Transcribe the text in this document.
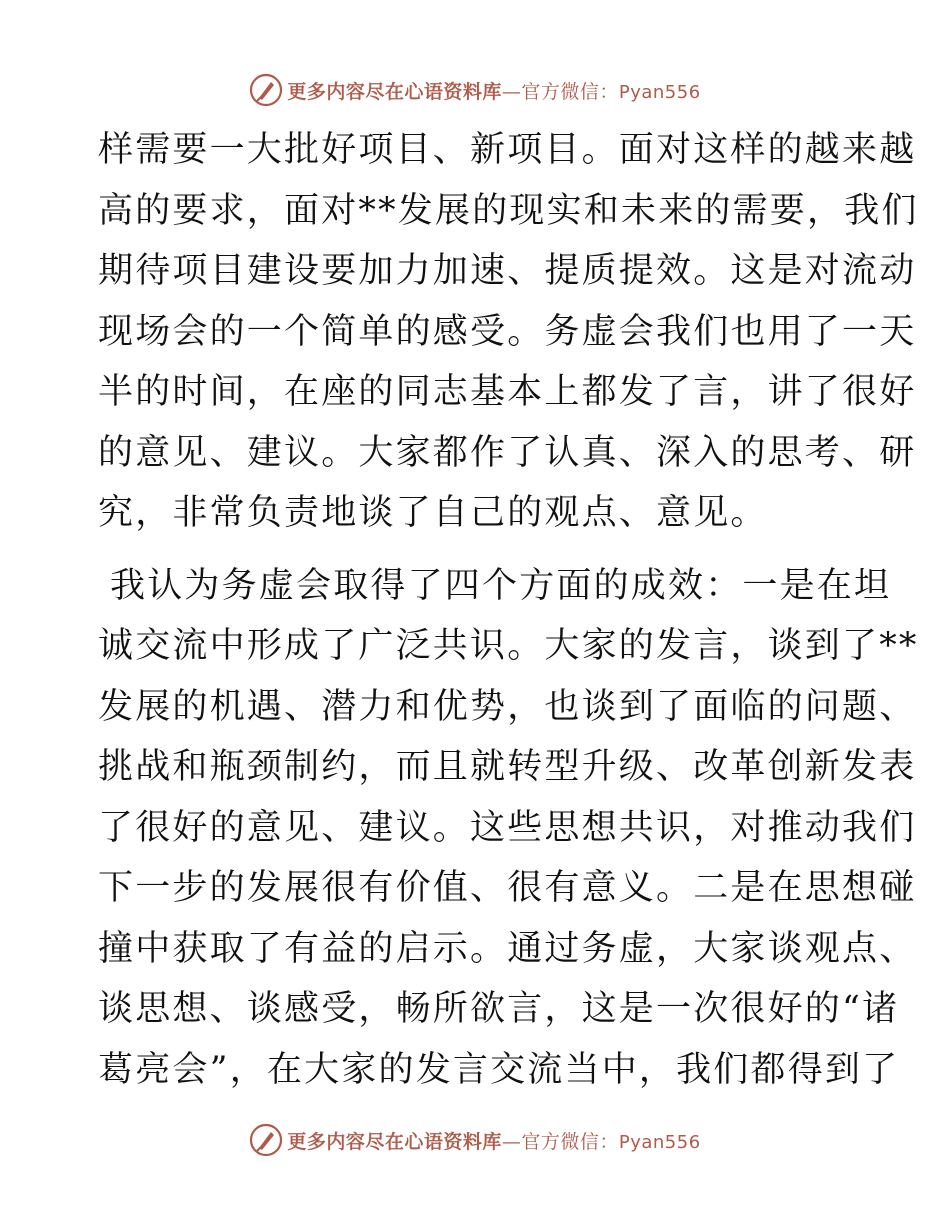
更多内容尽在心语资料库—官方微信：Pyan556
样需要一大批好项目、新项目。面对这样的越来越
高的要求，面对**发展的现实和未来的需要，我们
期待项目建设要加力加速、提质提效。这是对流动
现场会的一个简单的感受。务虚会我们也用了一天
半的时间，在座的同志基本上都发了言，讲了很好
的意见、建议。大家都作了认真、深入的思考、研
究，非常负责地谈了自己的观点、意见。
我认为务虚会取得了四个方面的成效：一是在坦
诚交流中形成了广泛共识。大家的发言，谈到了**
发展的机遇、潜力和优势，也谈到了面临的问题、
挑战和瓶颈制约，而且就转型升级、改革创新发表
了很好的意见、建议。这些思想共识，对推动我们
下一步的发展很有价值、很有意义。二是在思想碰
撞中获取了有益的启示。通过务虚，大家谈观点、
谈思想、谈感受，畅所欲言，这是一次很好的“诸
葛亮会”，在大家的发言交流当中，我们都得到了
更多内容尽在心语资料库—官方微信：Pyan556
